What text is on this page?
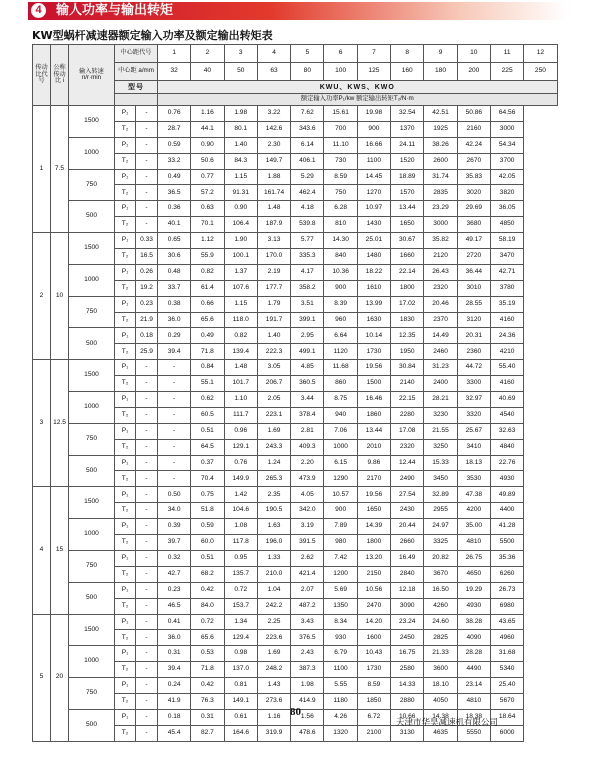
4	输人功率与输出转矩
KW型蜗杆减速器额定输入功率及额定输出转矩表
传动比代号	公称传动比 i	输入转速 n/r·min	中心距代号		1	2	3	4	5	6	7	8	9	10	11	12
			中心距 a/mm		32	40	50	63	80	100	125	160	180	200	225	250
			型号		KWU、KWS、KWO											
					额定输入功率P₁/kw 额定输出转矩T₂/N·m											
1	7.5	1500	P₁	-	0.76	1.16	1.98	3.22	7.62	15.61	19.98	32.54	42.51	50.86	64.56	
			T₂	-	28.7	44.1	80.1	142.6	343.6	700	900	1370	1925	2160	3000	
		1000	P₁	-	0.59	0.90	1.40	2.30	6.14	11.10	16.66	24.11	38.26	42.24	54.34	
			T₂	-	33.2	50.6	84.3	149.7	406.1	730	1100	1520	2600	2670	3700	
		750	P₁	-	0.49	0.77	1.15	1.88	5.29	8.59	14.45	18.89	31.74	35.83	42.05	
			T₂	-	36.5	57.2	91.31	161.74	462.4	750	1270	1570	2835	3020	3820	
		500	P₁	-	0.36	0.63	0.90	1.48	4.18	6.28	10.97	13.44	23.29	29.69	36.05	
			T₂	-	40.1	70.1	106.4	187.9	539.8	810	1430	1650	3000	3680	4850	
2	10	1500	P₁	0.33	0.65	1.12	1.90	3.13	5.77	14.30	25.01	30.67	35.82	49.17	58.19	
			T₂	16.5	30.6	55.9	100.1	170.0	335.3	840	1480	1660	2120	2720	3470	
		1000	P₁	0.26	0.48	0.82	1.37	2.19	4.17	10.36	18.22	22.14	26.43	36.44	42.71	
			T₂	19.2	33.7	61.4	107.6	177.7	358.2	900	1610	1800	2320	3010	3780	
		750	P₁	0.23	0.38	0.66	1.15	1.79	3.51	8.39	13.99	17.02	20.46	28.55	35.19	
			T₂	21.9	36.0	65.6	118.0	191.7	399.1	960	1630	1830	2370	3120	4160	
		500	P₁	0.18	0.29	0.49	0.82	1.40	2.95	6.64	10.14	12.35	14.49	20.31	24.36	
			T₂	25.9	39.4	71.8	139.4	222.3	499.1	1120	1730	1950	2460	2360	4210	
3	12.5	1500	P₁	-	-	0.84	1.48	3.05	4.85	11.68	19.56	30.84	31.23	44.72	55.40	
			T₂	-	-	55.1	101.7	206.7	360.5	860	1500	2140	2400	3300	4160	
		1000	P₁	-	-	0.62	1.10	2.05	3.44	8.75	16.46	22.15	28.21	32.97	40.69	
			T₂	-	-	60.5	111.7	223.1	378.4	940	1860	2280	3230	3320	4540	
		750	P₁	-	-	0.51	0.96	1.69	2.81	7.06	13.44	17.08	21.55	25.67	32.63	
			T₂	-	-	64.5	129.1	243.3	409.3	1000	2010	2320	3250	3410	4840	
		500	P₁	-	-	0.37	0.76	1.24	2.20	6.15	9.86	12.44	15.33	18.13	22.76	
			T₂	-	-	70.4	149.9	265.3	473.9	1290	2170	2490	3450	3530	4930	
4	15	1500	P₁	-	0.50	0.75	1.42	2.35	4.05	10.57	19.56	27.54	32.89	47.38	49.89	
			T₂	-	34.0	51.8	104.6	190.5	342.0	900	1650	2430	2955	4200	4400	
		1000	P₁	-	0.39	0.59	1.08	1.63	3.19	7.89	14.39	20.44	24.97	35.00	41.28	
			T₂	-	39.7	60.0	117.8	196.0	391.5	980	1800	2660	3325	4810	5500	
		750	P₁	-	0.32	0.51	0.95	1.33	2.62	7.42	13.20	16.49	20.82	26.75	35.36	
			T₂	-	42.7	68.2	135.7	210.0	421.4	1200	2150	2840	3670	4650	6260	
		500	P₁	-	0.23	0.42	0.72	1.04	2.07	5.69	10.56	12.18	16.50	19.29	26.73	
			T₂	-	46.5	84.0	153.7	242.2	487.2	1350	2470	3090	4260	4930	6980	
5	20	1500	P₁	-	0.41	0.72	1.34	2.25	3.43	8.34	14.20	23.24	24.60	38.28	43.65	
			T₂	-	36.0	65.6	129.4	223.6	376.5	930	1600	2450	2825	4090	4960	
		1000	P₁	-	0.31	0.53	0.98	1.69	2.43	6.79	10.43	16.75	21.33	28.28	31.68	
			T₂	-	39.4	71.8	137.0	248.2	387.3	1100	1730	2580	3600	4490	5340	
		750	P₁	-	0.24	0.42	0.81	1.43	1.98	5.55	8.59	14.33	18.10	23.14	25.40	
			T₂	-	41.9	76.3	149.1	273.6	414.9	1180	1850	2880	4050	4810	5670	
		500	P₁	-	0.18	0.31	0.61	1.16	1.56	4.26	6.72	10.66	14.38	18.38	18.64	
			T₂	-	45.4	82.7	164.6	319.9	478.6	1320	2100	3130	4635	5550	6000	
80
天津市华昊减速机有限公司
